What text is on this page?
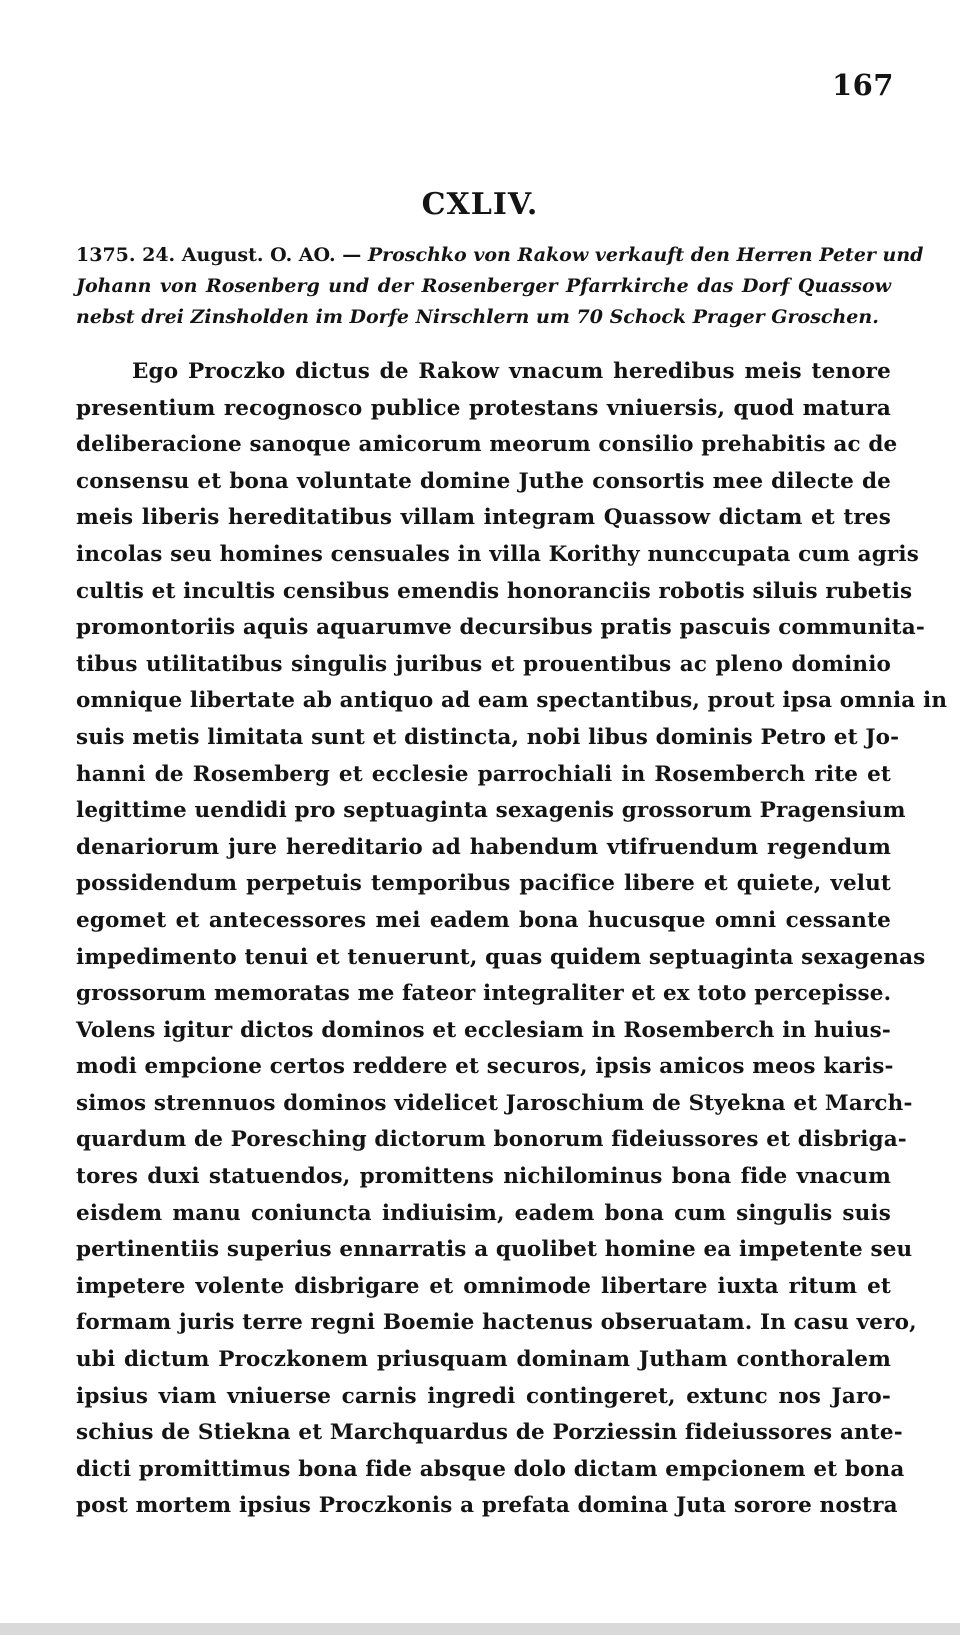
167
CXLIV.
1375. 24. August. O. AO. — Proschko von Rakow verkauft den Herren Peter und
Johann von Rosenberg und der Rosenberger Pfarrkirche das Dorf Quassow
nebst drei Zinsholden im Dorfe Nirschlern um 70 Schock Prager Groschen.
Ego Proczko dictus de Rakow vnacum heredibus meis tenore
presentium recognosco publice protestans vniuersis, quod matura
deliberacione sanoque amicorum meorum consilio prehabitis ac de
consensu et bona voluntate domine Juthe consortis mee dilecte de
meis liberis hereditatibus villam integram Quassow dictam et tres
incolas seu homines censuales in villa Korithy nunccupata cum agris
cultis et incultis censibus emendis honoranciis robotis siluis rubetis
promontoriis aquis aquarumve decursibus pratis pascuis communita-
tibus utilitatibus singulis juribus et prouentibus ac pleno dominio
omnique libertate ab antiquo ad eam spectantibus, prout ipsa omnia in
suis metis limitata sunt et distincta, nobi libus dominis Petro et Jo-
hanni de Rosemberg et ecclesie parrochiali in Rosemberch rite et
legittime uendidi pro septuaginta sexagenis grossorum Pragensium
denariorum jure hereditario ad habendum vtifruendum regendum
possidendum perpetuis temporibus pacifice libere et quiete, velut
egomet et antecessores mei eadem bona hucusque omni cessante
impedimento tenui et tenuerunt, quas quidem septuaginta sexagenas
grossorum memoratas me fateor integraliter et ex toto percepisse.
Volens igitur dictos dominos et ecclesiam in Rosemberch in huius-
modi empcione certos reddere et securos, ipsis amicos meos karis-
simos strennuos dominos videlicet Jaroschium de Styekna et March-
quardum de Poresching dictorum bonorum fideiussores et disbriga-
tores duxi statuendos, promittens nichilominus bona fide vnacum
eisdem manu coniuncta indiuisim, eadem bona cum singulis suis
pertinentiis superius ennarratis a quolibet homine ea impetente seu
impetere volente disbrigare et omnimode libertare iuxta ritum et
formam juris terre regni Boemie hactenus obseruatam. In casu vero,
ubi dictum Proczkonem priusquam dominam Jutham conthoralem
ipsius viam vniuerse carnis ingredi contingeret, extunc nos Jaro-
schius de Stiekna et Marchquardus de Porziessin fideiussores ante-
dicti promittimus bona fide absque dolo dictam empcionem et bona
post mortem ipsius Proczkonis a prefata domina Juta sorore nostra
